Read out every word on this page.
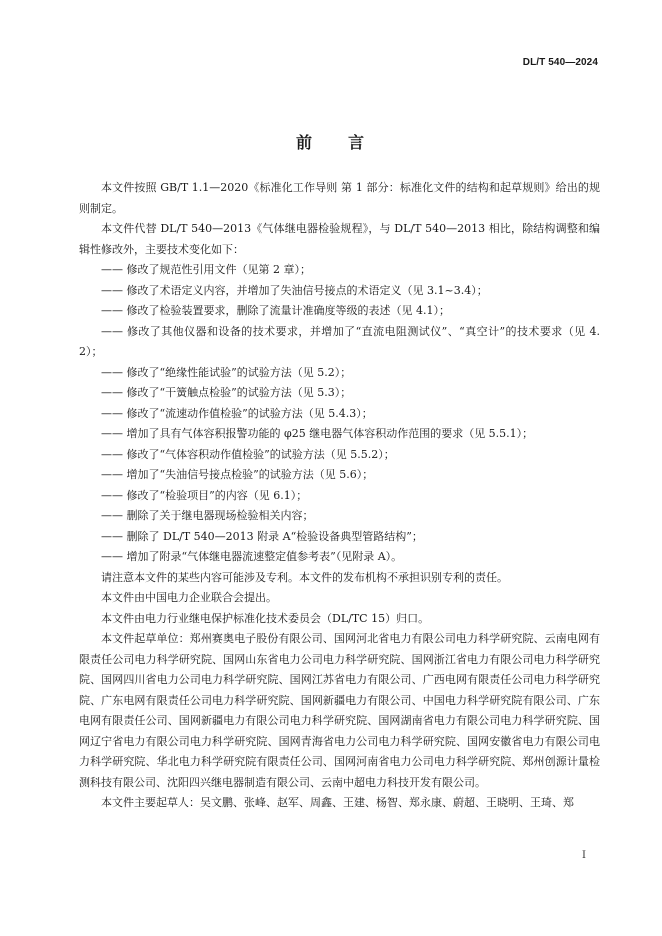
DL/T 540—2024
前 言

本文件按照 GB/T 1.1—2020《标准化工作导则 第 1 部分：标准化文件的结构和起草规则》给出的规则制定。

本文件代替 DL/T 540—2013《气体继电器检验规程》，与 DL/T 540—2013 相比，除结构调整和编辑性修改外，主要技术变化如下：

—— 修改了规范性引用文件（见第 2 章）；

—— 修改了术语定义内容，并增加了失油信号接点的术语定义（见 3.1~3.4）；

—— 修改了检验装置要求，删除了流量计准确度等级的表述（见 4.1）；

—— 修改了其他仪器和设备的技术要求，并增加了“直流电阻测试仪”、“真空计”的技术要求（见 4.2）；

—— 修改了“绝缘性能试验”的试验方法（见 5.2）；

—— 修改了“干簧触点检验”的试验方法（见 5.3）；

—— 修改了“流速动作值检验”的试验方法（见 5.4.3）；

—— 增加了具有气体容积报警功能的 φ25 继电器气体容积动作范围的要求（见 5.5.1）；

—— 修改了“气体容积动作值检验”的试验方法（见 5.5.2）；

—— 增加了“失油信号接点检验”的试验方法（见 5.6）；

—— 修改了“检验项目”的内容（见 6.1）；

—— 删除了关于继电器现场检验相关内容；

—— 删除了 DL/T 540—2013 附录 A“检验设备典型管路结构”；

—— 增加了附录“气体继电器流速整定值参考表”（见附录 A）。

请注意本文件的某些内容可能涉及专利。本文件的发布机构不承担识别专利的责任。

本文件由中国电力企业联合会提出。

本文件由电力行业继电保护标准化技术委员会（DL/TC 15）归口。

本文件起草单位：郑州赛奥电子股份有限公司、国网河北省电力有限公司电力科学研究院、云南电网有限责任公司电力科学研究院、国网山东省电力公司电力科学研究院、国网浙江省电力有限公司电力科学研究院、国网四川省电力公司电力科学研究院、国网江苏省电力有限公司、广西电网有限责任公司电力科学研究院、广东电网有限责任公司电力科学研究院、国网新疆电力有限公司、中国电力科学研究院有限公司、广东电网有限责任公司、国网新疆电力有限公司电力科学研究院、国网湖南省电力有限公司电力科学研究院、国网辽宁省电力有限公司电力科学研究院、国网青海省电力公司电力科学研究院、国网安徽省电力有限公司电力科学研究院、华北电力科学研究院有限责任公司、国网河南省电力公司电力科学研究院、郑州创源计量检测科技有限公司、沈阳四兴继电器制造有限公司、云南中超电力科技开发有限公司。

本文件主要起草人：吴文鹏、张峰、赵军、周鑫、王建、杨智、郑永康、蔚超、王晓明、王琦、郑

I
